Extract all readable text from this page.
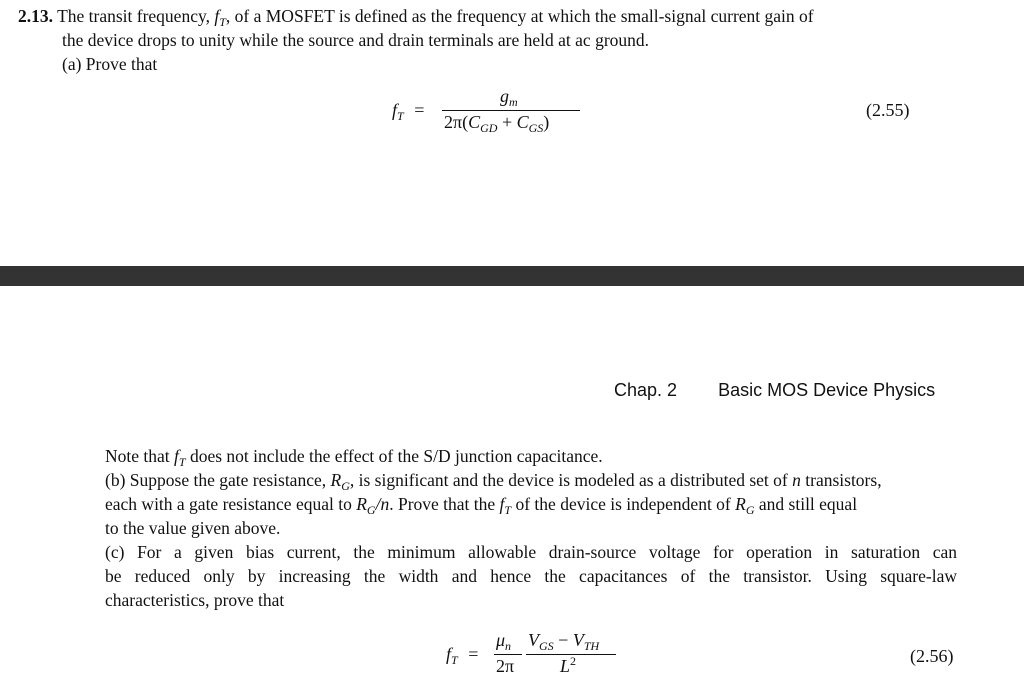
2.13. The transit frequency, $f_T$, of a MOSFET is defined as the frequency at which the small-signal current gain of
the device drops to unity while the source and drain terminals are held at ac ground.
(a) Prove that
$f_T$ =
$g_m$
$2\pi(C_{GD} + C_{GS})$
(2.55)
Chap. 2 Basic MOS Device Physics
Note that $f_T$ does not include the effect of the S/D junction capacitance.
(b) Suppose the gate resistance, $R_G$, is significant and the device is modeled as a distributed set of n transistors,
each with a gate resistance equal to $R_G/n$. Prove that the $f_T$ of the device is independent of $R_G$ and still equal
to the value given above.
(c) For a given bias current, the minimum allowable drain-source voltage for operation in saturation can
be reduced only by increasing the width and hence the capacitances of the transistor. Using square-law
characteristics, prove that
$f_T$ =
$\mu_n$
2π
$V_{GS} - V_{TH}$
$L^2$	(2.56)
